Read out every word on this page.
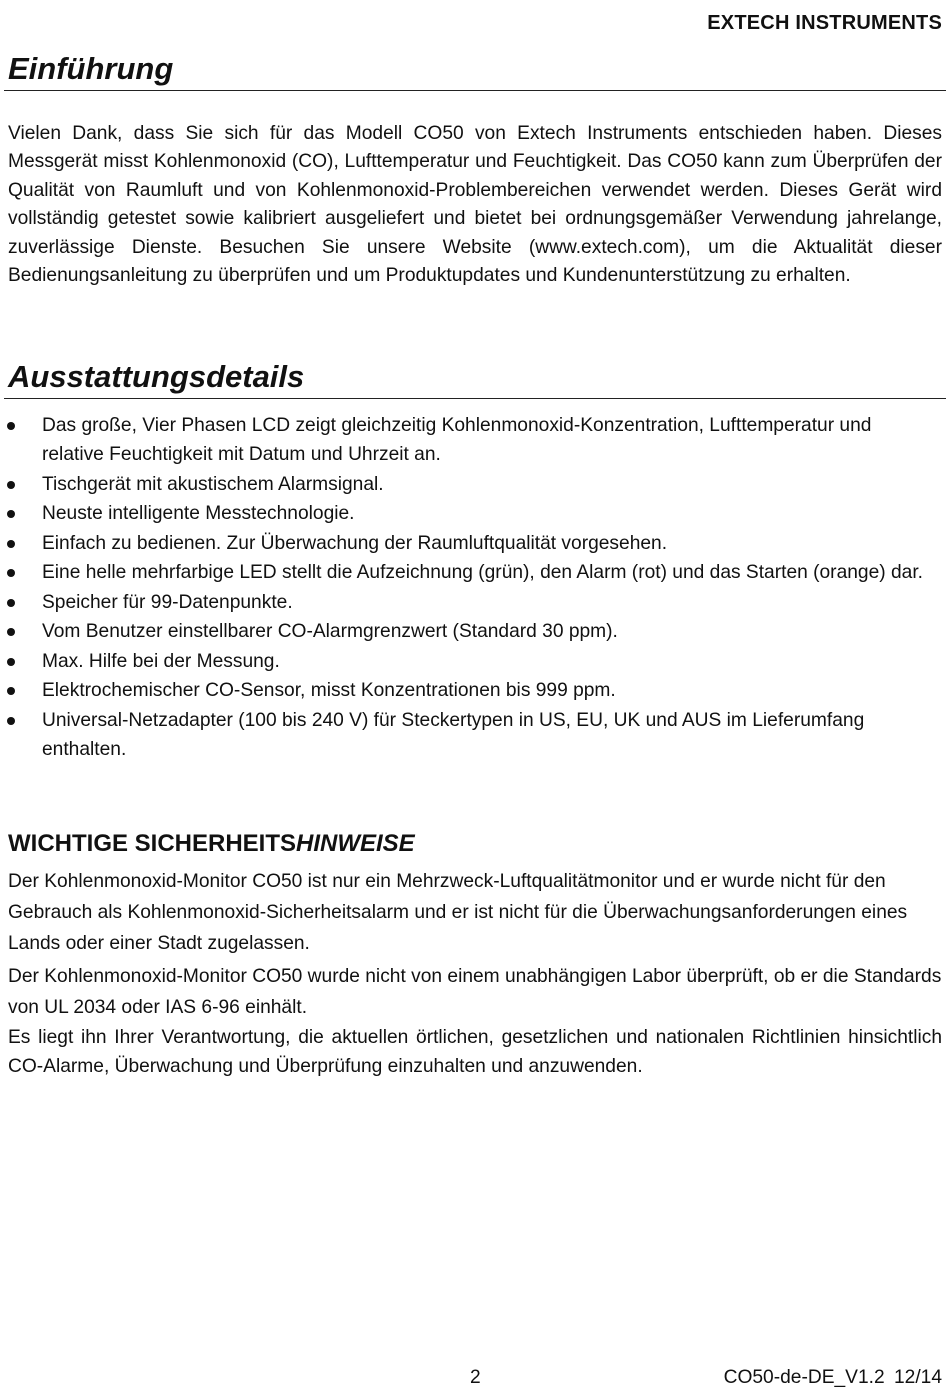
EXTECH INSTRUMENTS
Einführung

Vielen Dank, dass Sie sich für das Modell CO50 von Extech Instruments entschieden haben. Dieses Messgerät misst Kohlenmonoxid (CO), Lufttemperatur und Feuchtigkeit. Das CO50 kann zum Überprüfen der Qualität von Raumluft und von Kohlenmonoxid-Problembereichen verwendet werden. Dieses Gerät wird vollständig getestet sowie kalibriert ausgeliefert und bietet bei ordnungsgemäßer Verwendung jahrelange, zuverlässige Dienste. Besuchen Sie unsere Website (www.extech.com), um die Aktualität dieser Bedienungsanleitung zu überprüfen und um Produktupdates und Kundenunterstützung zu erhalten.

Ausstattungsdetails
Das große, Vier Phasen LCD zeigt gleichzeitig Kohlenmonoxid-Konzentration, Lufttemperatur und relative Feuchtigkeit mit Datum und Uhrzeit an.
Tischgerät mit akustischem Alarmsignal.
Neuste intelligente Messtechnologie.
Einfach zu bedienen. Zur Überwachung der Raumluftqualität vorgesehen.
Eine helle mehrfarbige LED stellt die Aufzeichnung (grün), den Alarm (rot) und das Starten (orange) dar.
Speicher für 99-Datenpunkte.
Vom Benutzer einstellbarer CO-Alarmgrenzwert (Standard 30 ppm).
Max. Hilfe bei der Messung.
Elektrochemischer CO-Sensor, misst Konzentrationen bis 999 ppm.
Universal-Netzadapter (100 bis 240 V) für Steckertypen in US, EU, UK und AUS im Lieferumfang enthalten.
WICHTIGE SICHERHEITSHINWEISE

Der Kohlenmonoxid-Monitor CO50 ist nur ein Mehrzweck-Luftqualitätmonitor und er wurde nicht für den Gebrauch als Kohlenmonoxid-Sicherheitsalarm und er ist nicht für die Überwachungsanforderungen eines Lands oder einer Stadt zugelassen.

Der Kohlenmonoxid-Monitor CO50 wurde nicht von einem unabhängigen Labor überprüft, ob er die Standards von UL 2034 oder IAS 6-96 einhält.

Es liegt ihn Ihrer Verantwortung, die aktuellen örtlichen, gesetzlichen und nationalen Richtlinien hinsichtlich CO-Alarme, Überwachung und Überprüfung einzuhalten und anzuwenden.

2	CO50-de-DE_V1.2 12/14
